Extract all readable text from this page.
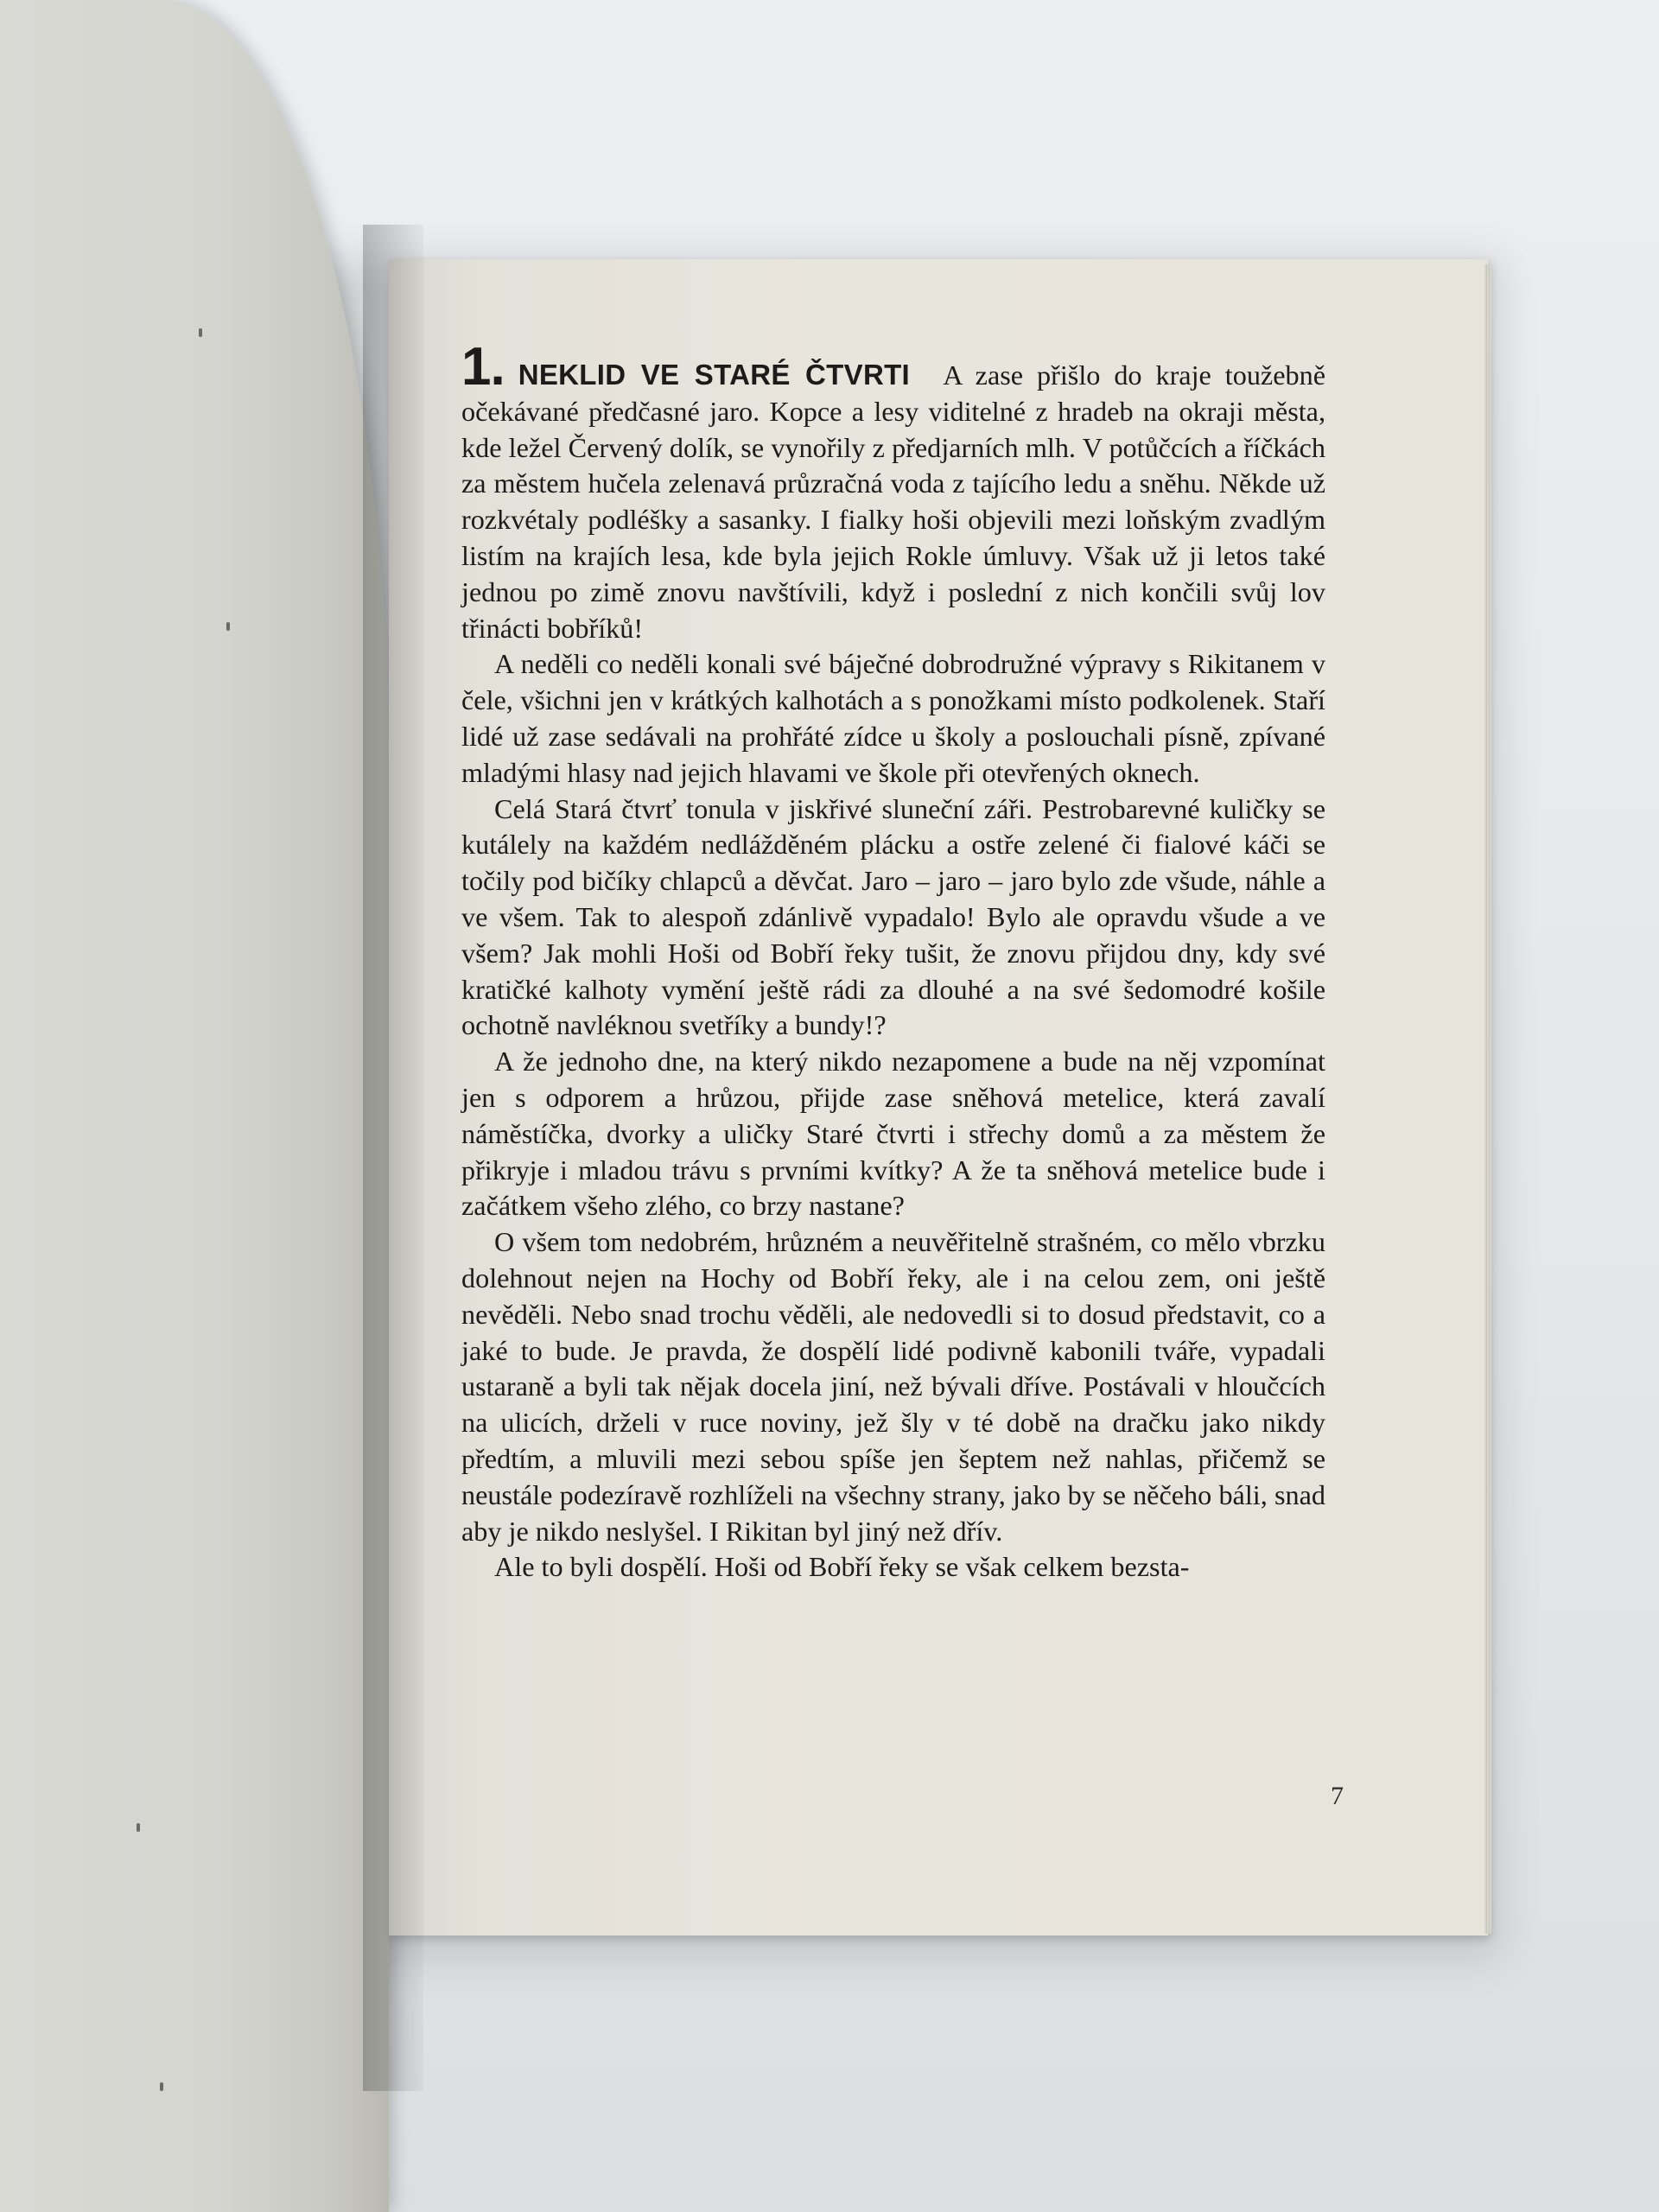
1. NEKLID VE STARÉ ČTVRTI A zase přišlo do kraje toužebně očekávané předčasné jaro. Kopce a lesy viditelné z hradeb na okraji města, kde ležel Červený dolík, se vynořily z předjarních mlh. V potůčcích a říčkách za městem hučela zelenavá průzračná voda z tajícího ledu a sněhu. Někde už rozkvétaly podléšky a sasanky. I fialky hoši objevili mezi loňským zvadlým listím na krajích lesa, kde byla jejich Rokle úmluvy. Však už ji letos také jednou po zimě znovu navštívili, když i poslední z nich končili svůj lov třinácti bobříků!

A neděli co neděli konali své báječné dobrodružné výpravy s Rikitanem v čele, všichni jen v krátkých kalhotách a s ponožkami místo podkolenek. Staří lidé už zase sedávali na prohřáté zídce u školy a poslouchali písně, zpívané mladými hlasy nad jejich hlavami ve škole při otevřených oknech.

Celá Stará čtvrť tonula v jiskřivé sluneční záři. Pestrobarevné kuličky se kutálely na každém nedlážděném plácku a ostře zelené či fialové káči se točily pod bičíky chlapců a děvčat. Jaro – jaro – jaro bylo zde všude, náhle a ve všem. Tak to alespoň zdánlivě vypadalo! Bylo ale opravdu všude a ve všem? Jak mohli Hoši od Bobří řeky tušit, že znovu přijdou dny, kdy své kratičké kalhoty vymění ještě rádi za dlouhé a na své šedomodré košile ochotně navléknou svetříky a bundy!?

A že jednoho dne, na který nikdo nezapomene a bude na něj vzpomínat jen s odporem a hrůzou, přijde zase sněhová metelice, která zavalí náměstíčka, dvorky a uličky Staré čtvrti i střechy domů a za městem že přikryje i mladou trávu s prvními kvítky? A že ta sněhová metelice bude i začátkem všeho zlého, co brzy nastane?

O všem tom nedobrém, hrůzném a neuvěřitelně strašném, co mělo vbrzku dolehnout nejen na Hochy od Bobří řeky, ale i na celou zem, oni ještě nevěděli. Nebo snad trochu věděli, ale nedovedli si to dosud představit, co a jaké to bude. Je pravda, že dospělí lidé podivně kabonili tváře, vypadali ustaraně a byli tak nějak docela jiní, než bývali dříve. Postávali v hloučcích na ulicích, drželi v ruce noviny, jež šly v té době na dračku jako nikdy předtím, a mluvili mezi sebou spíše jen šeptem než nahlas, přičemž se neustále podezíravě rozhlíželi na všechny strany, jako by se něčeho báli, snad aby je nikdo neslyšel. I Rikitan byl jiný než dřív.

Ale to byli dospělí. Hoši od Bobří řeky se však celkem bezsta-

7
